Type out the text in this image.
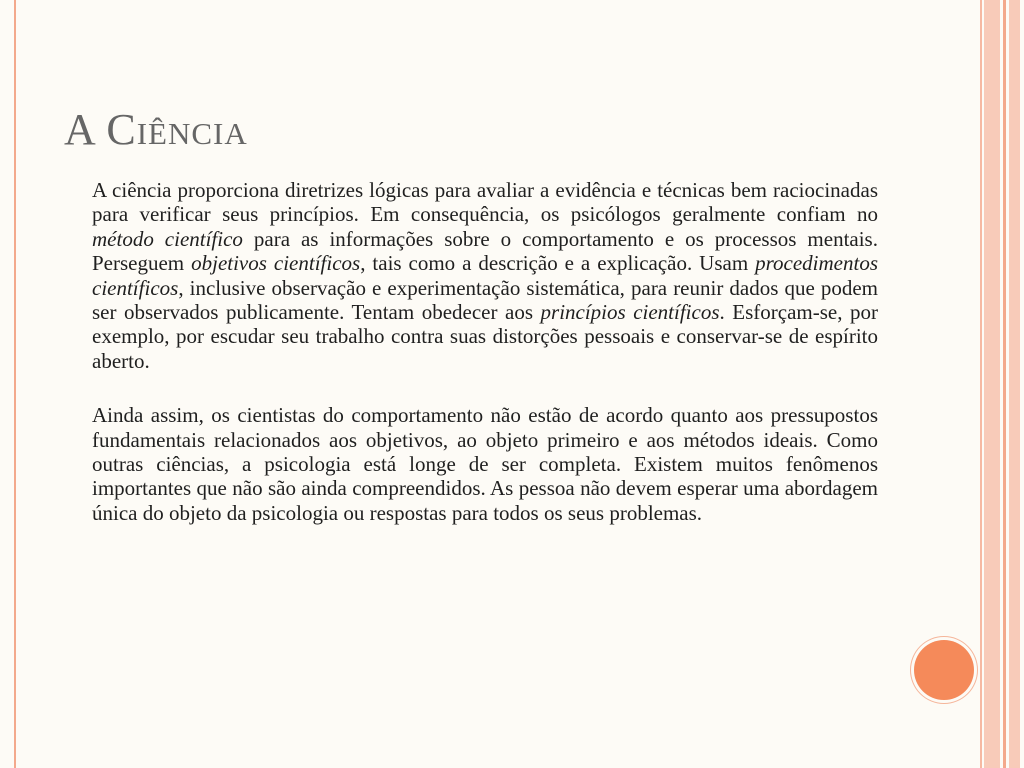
A Ciência

A ciência proporciona diretrizes lógicas para avaliar a evidência e técnicas bem raciocinadas para verificar seus princípios. Em consequência, os psicólogos geralmente confiam no método científico para as informações sobre o comportamento e os processos mentais. Perseguem objetivos científicos, tais como a descrição e a explicação. Usam procedimentos científicos, inclusive observação e experimentação sistemática, para reunir dados que podem ser observados publicamente. Tentam obedecer aos princípios científicos. Esforçam-se, por exemplo, por escudar seu trabalho contra suas distorções pessoais e conservar-se de espírito aberto.

Ainda assim, os cientistas do comportamento não estão de acordo quanto aos pressupostos fundamentais relacionados aos objetivos, ao objeto primeiro e aos métodos ideais. Como outras ciências, a psicologia está longe de ser completa. Existem muitos fenômenos importantes que não são ainda compreendidos. As pessoa não devem esperar uma abordagem única do objeto da psicologia ou respostas para todos os seus problemas.
